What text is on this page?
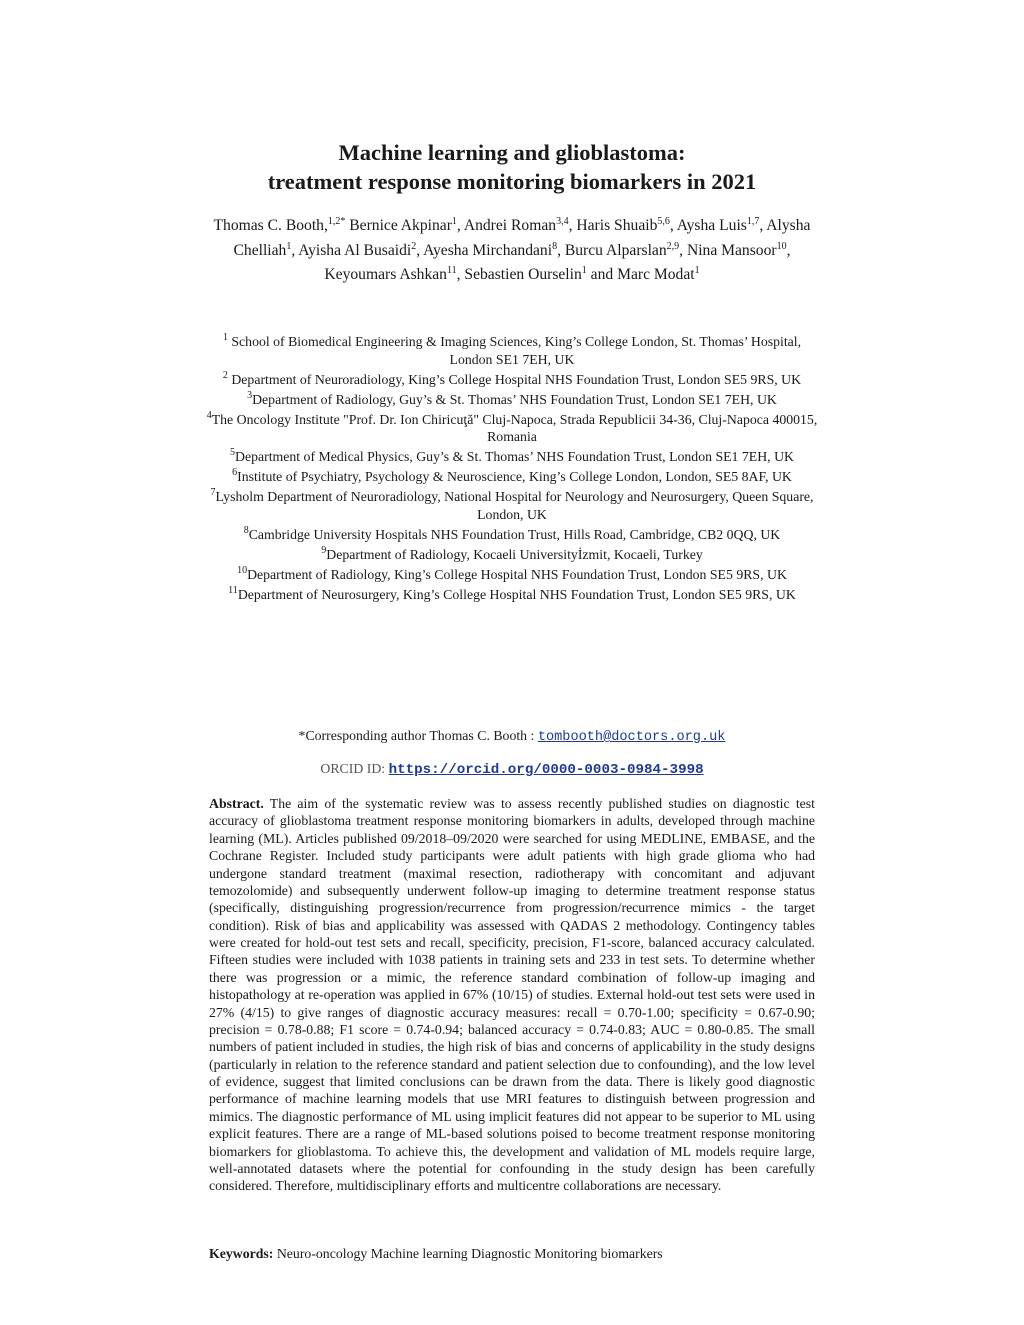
Machine learning and glioblastoma:
treatment response monitoring biomarkers in 2021

Thomas C. Booth,$^{1,2*}$ Bernice Akpinar$^1$, Andrei Roman$^{3,4}$, Haris Shuaib$^{5,6}$, Aysha Luis$^{1,7}$, Alysha Chelliah$^1$, Ayisha Al Busaidi$^2$, Ayesha Mirchandani$^8$, Burcu Alparslan$^{2,9}$, Nina Mansoor$^{10}$, Keyoumars Ashkan$^{11}$, Sebastien Ourselin$^1$ and Marc Modat$^1$

$^1$ School of Biomedical Engineering & Imaging Sciences, King’s College London, St. Thomas’ Hospital, London SE1 7EH, UK
$^2$ Department of Neuroradiology, King’s College Hospital NHS Foundation Trust, London SE5 9RS, UK
$^3$Department of Radiology, Guy’s & St. Thomas’ NHS Foundation Trust, London SE1 7EH, UK
$^4$The Oncology Institute "Prof. Dr. Ion Chiricuţă" Cluj-Napoca, Strada Republicii 34-36, Cluj-Napoca 400015, Romania
$^5$Department of Medical Physics, Guy’s & St. Thomas’ NHS Foundation Trust, London SE1 7EH, UK
$^6$Institute of Psychiatry, Psychology & Neuroscience, King’s College London, London, SE5 8AF, UK
$^7$Lysholm Department of Neuroradiology, National Hospital for Neurology and Neurosurgery, Queen Square, London, UK
$^8$Cambridge University Hospitals NHS Foundation Trust, Hills Road, Cambridge, CB2 0QQ, UK
$^9$Department of Radiology, Kocaeli Universityİzmit, Kocaeli, Turkey
$^{10}$Department of Radiology, King’s College Hospital NHS Foundation Trust, London SE5 9RS, UK
$^{11}$Department of Neurosurgery, King’s College Hospital NHS Foundation Trust, London SE5 9RS, UK

*Corresponding author Thomas C. Booth : tombooth@doctors.org.uk

ORCID ID: https://orcid.org/0000-0003-0984-3998

Abstract. The aim of the systematic review was to assess recently published studies on diagnostic test accuracy of glioblastoma treatment response monitoring biomarkers in adults, developed through machine learning (ML). Articles published 09/2018–09/2020 were searched for using MEDLINE, EMBASE, and the Cochrane Register. Included study participants were adult patients with high grade glioma who had undergone standard treatment (maximal resection, radiotherapy with concomitant and adjuvant temozolomide) and subsequently underwent follow-up imaging to determine treatment response status (specifically, distinguishing progression/recurrence from progression/recurrence mimics - the target condition). Risk of bias and applicability was assessed with QADAS 2 methodology. Contingency tables were created for hold-out test sets and recall, specificity, precision, F1-score, balanced accuracy calculated. Fifteen studies were included with 1038 patients in training sets and 233 in test sets. To determine whether there was progression or a mimic, the reference standard combination of follow-up imaging and histopathology at re-operation was applied in 67% (10/15) of studies. External hold-out test sets were used in 27% (4/15) to give ranges of diagnostic accuracy measures: recall = 0.70-1.00; specificity = 0.67-0.90; precision = 0.78-0.88; F1 score = 0.74-0.94; balanced accuracy = 0.74-0.83; AUC = 0.80-0.85. The small numbers of patient included in studies, the high risk of bias and concerns of applicability in the study designs (particularly in relation to the reference standard and patient selection due to confounding), and the low level of evidence, suggest that limited conclusions can be drawn from the data. There is likely good diagnostic performance of machine learning models that use MRI features to distinguish between progression and mimics. The diagnostic performance of ML using implicit features did not appear to be superior to ML using explicit features. There are a range of ML-based solutions poised to become treatment response monitoring biomarkers for glioblastoma. To achieve this, the development and validation of ML models require large, well-annotated datasets where the potential for confounding in the study design has been carefully considered. Therefore, multidisciplinary efforts and multicentre collaborations are necessary.

Keywords: Neuro-oncology Machine learning Diagnostic Monitoring biomarkers
